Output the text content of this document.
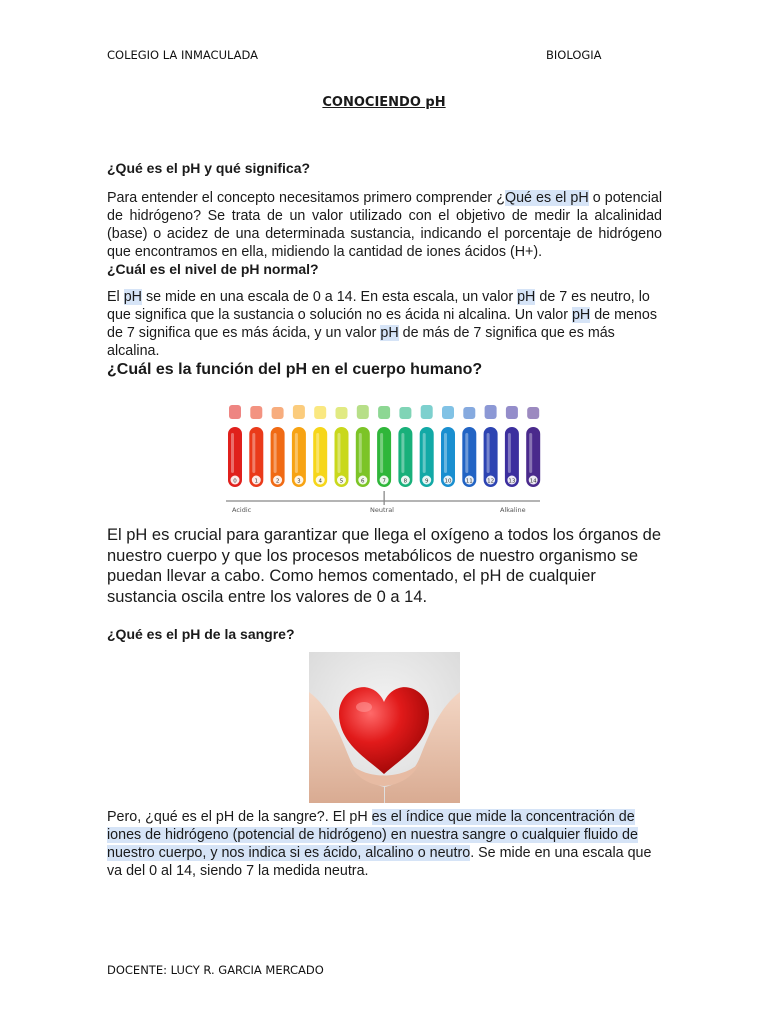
COLEGIO LA INMACULADA	BIOLOGIA
CONOCIENDO pH
¿Qué es el pH y qué significa?
Para entender el concepto necesitamos primero comprender ¿Qué es el pH o potencial de hidrógeno? Se trata de un valor utilizado con el objetivo de medir la alcalinidad (base) o acidez de una determinada sustancia, indicando el porcentaje de hidrógeno que encontramos en ella, midiendo la cantidad de iones ácidos (H+).
¿Cuál es el nivel de pH normal?
El pH se mide en una escala de 0 a 14. En esta escala, un valor pH de 7 es neutro, lo que significa que la sustancia o solución no es ácida ni alcalina. Un valor pH de menos de 7 significa que es más ácida, y un valor pH de más de 7 significa que es más alcalina.
¿Cuál es la función del pH en el cuerpo humano?
0	1	2	3	4	5	6	7	8	9	10	11	12	13	14
Acidic	Neutral	Alkaline
El pH es crucial para garantizar que llega el oxígeno a todos los órganos de nuestro cuerpo y que los procesos metabólicos de nuestro organismo se puedan llevar a cabo. Como hemos comentado, el pH de cualquier sustancia oscila entre los valores de 0 a 14.
¿Qué es el pH de la sangre?
Pero, ¿qué es el pH de la sangre?. El pH es el índice que mide la concentración de iones de hidrógeno (potencial de hidrógeno) en nuestra sangre o cualquier fluido de nuestro cuerpo, y nos indica si es ácido, alcalino o neutro. Se mide en una escala que va del 0 al 14, siendo 7 la medida neutra.
DOCENTE: LUCY R. GARCIA MERCADO
